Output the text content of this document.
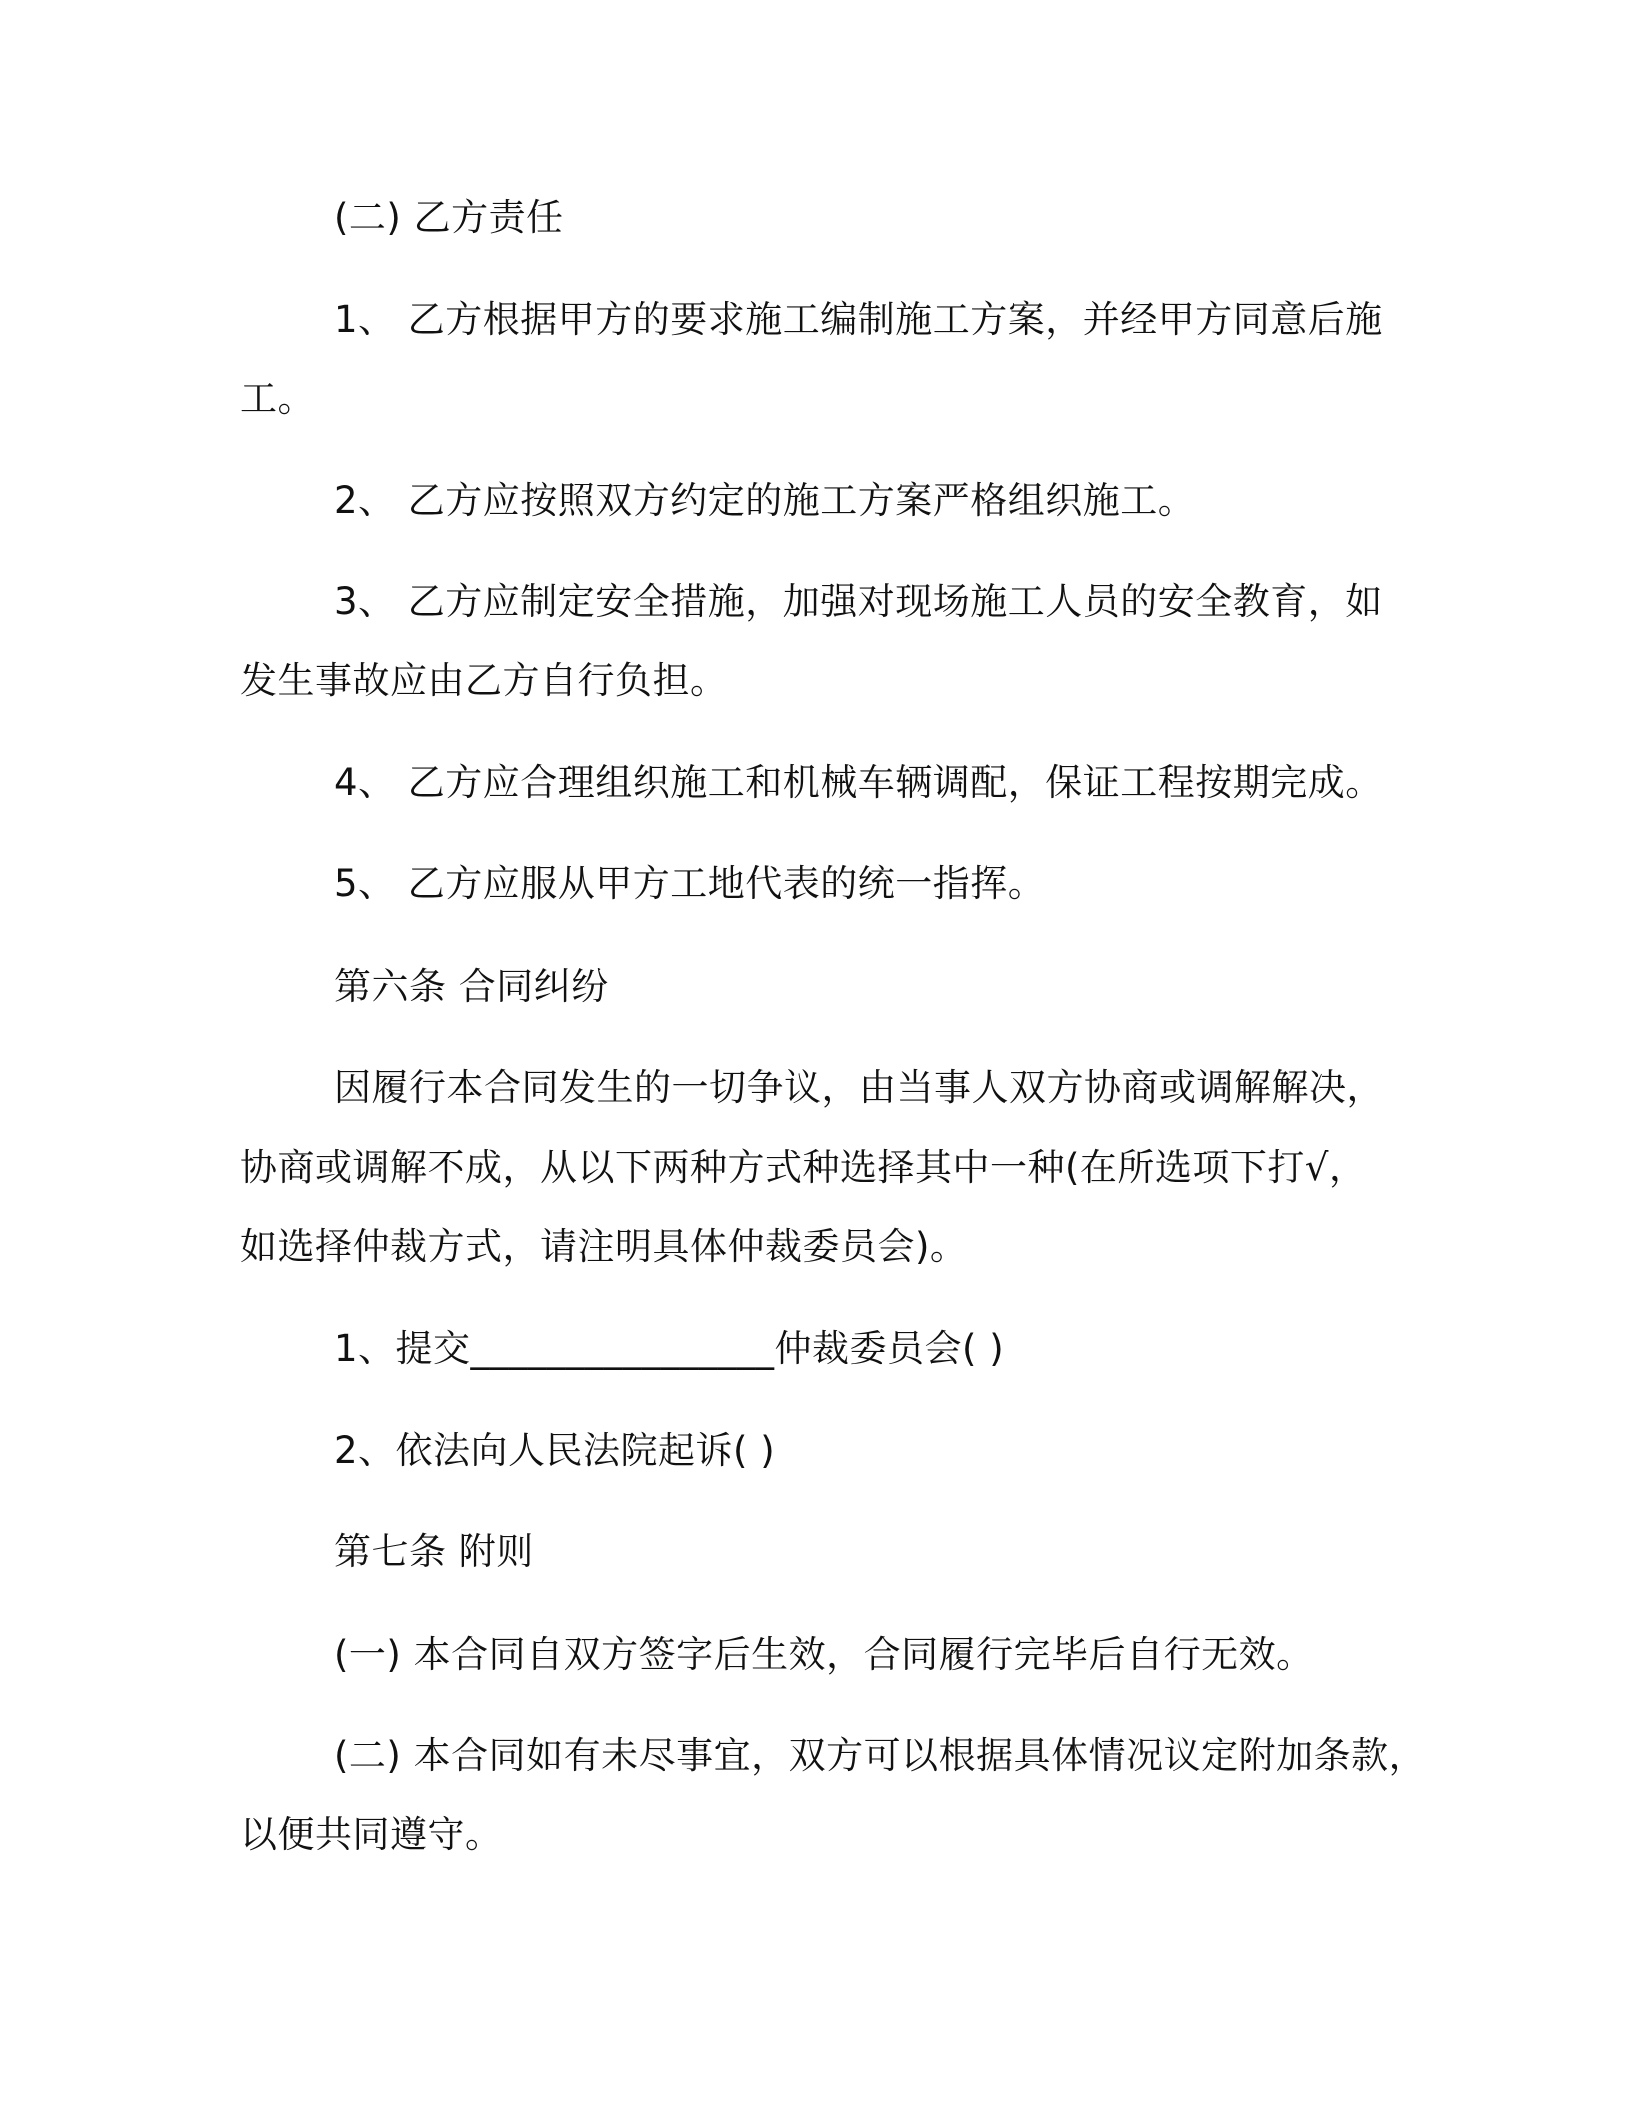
(二) 乙方责任
1、 乙方根据甲方的要求施工编制施工方案，并经甲方同意后施
工。
2、 乙方应按照双方约定的施工方案严格组织施工。
3、 乙方应制定安全措施，加强对现场施工人员的安全教育，如
发生事故应由乙方自行负担。
4、 乙方应合理组织施工和机械车辆调配，保证工程按期完成。
5、 乙方应服从甲方工地代表的统一指挥。
第六条 合同纠纷
因履行本合同发生的一切争议，由当事人双方协商或调解解决，
协商或调解不成，从以下两种方式种选择其中一种(在所选项下打√，
如选择仲裁方式，请注明具体仲裁委员会)。
1、提交________________仲裁委员会( )
2、依法向人民法院起诉( )
第七条 附则
(一) 本合同自双方签字后生效，合同履行完毕后自行无效。
(二) 本合同如有未尽事宜，双方可以根据具体情况议定附加条款，
以便共同遵守。
